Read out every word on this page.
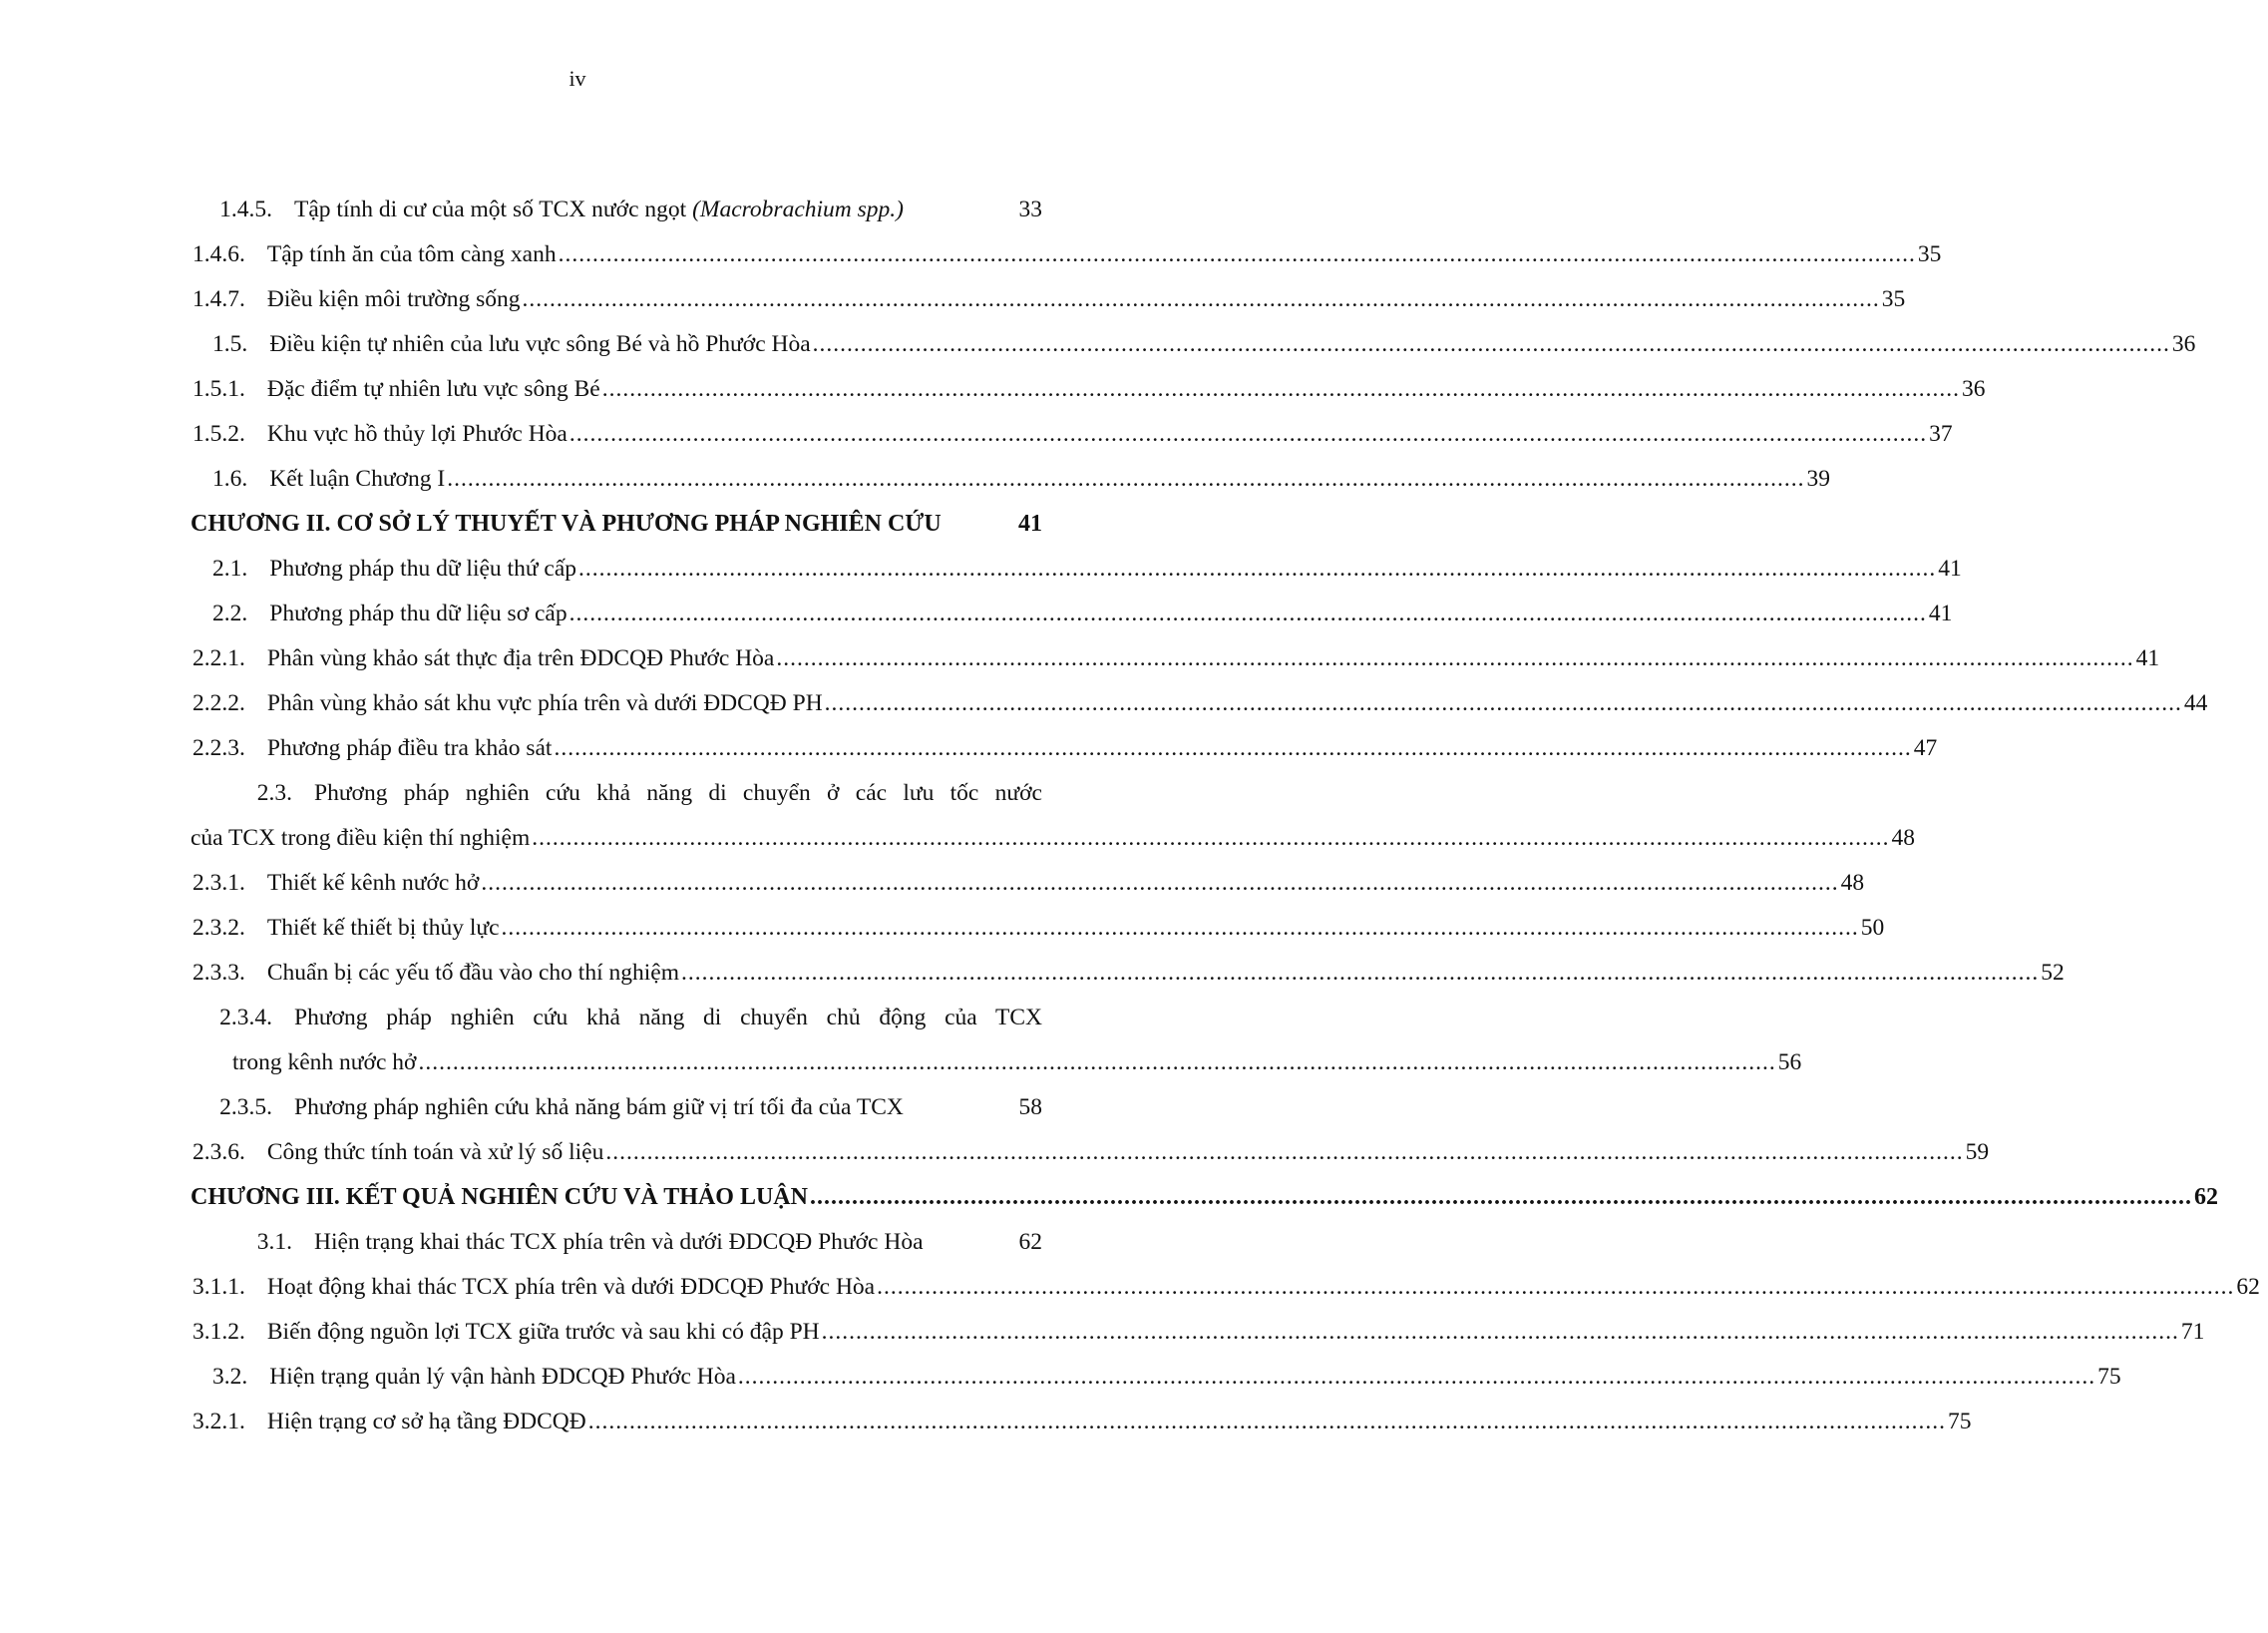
iv
1.4.5. Tập tính di cư của một số TCX nước ngọt (Macrobrachium spp.)	33
1.4.6. Tập tính ăn của tôm càng xanh .....	35
1.4.7. Điều kiện môi trường sống .....	35
1.5. Điều kiện tự nhiên của lưu vực sông Bé và hồ Phước Hòa .....	36
1.5.1. Đặc điểm tự nhiên lưu vực sông Bé .....	36
1.5.2. Khu vực hồ thủy lợi Phước Hòa .....	37
1.6. Kết luận Chương I .....	39
CHƯƠNG II. CƠ SỞ LÝ THUYẾT VÀ PHƯƠNG PHÁP NGHIÊN CỨU	41
2.1. Phương pháp thu dữ liệu thứ cấp .....	41
2.2. Phương pháp thu dữ liệu sơ cấp .....	41
2.2.1. Phân vùng khảo sát thực địa trên ĐDCQĐ Phước Hòa .....	41
2.2.2. Phân vùng khảo sát khu vực phía trên và dưới ĐDCQĐ PH .....	44
2.2.3. Phương pháp điều tra khảo sát .....	47
2.3. Phương pháp nghiên cứu khả năng di chuyển ở các lưu tốc nước
của TCX trong điều kiện thí nghiệm .....	48
2.3.1. Thiết kế kênh nước hở .....	48
2.3.2. Thiết kế thiết bị thủy lực .....	50
2.3.3. Chuẩn bị các yếu tố đầu vào cho thí nghiệm .....	52
2.3.4. Phương pháp nghiên cứu khả năng di chuyển chủ động của TCX
trong kênh nước hở .....	56
2.3.5. Phương pháp nghiên cứu khả năng bám giữ vị trí tối đa của TCX	58
2.3.6. Công thức tính toán và xử lý số liệu .....	59
CHƯƠNG III. KẾT QUẢ NGHIÊN CỨU VÀ THẢO LUẬN .....	62
3.1. Hiện trạng khai thác TCX phía trên và dưới ĐDCQĐ Phước Hòa	62
3.1.1. Hoạt động khai thác TCX phía trên và dưới ĐDCQĐ Phước Hòa .....	62
3.1.2. Biến động nguồn lợi TCX giữa trước và sau khi có đập PH .....	71
3.2. Hiện trạng quản lý vận hành ĐDCQĐ Phước Hòa .....	75
3.2.1. Hiện trạng cơ sở hạ tầng ĐDCQĐ .....	75
